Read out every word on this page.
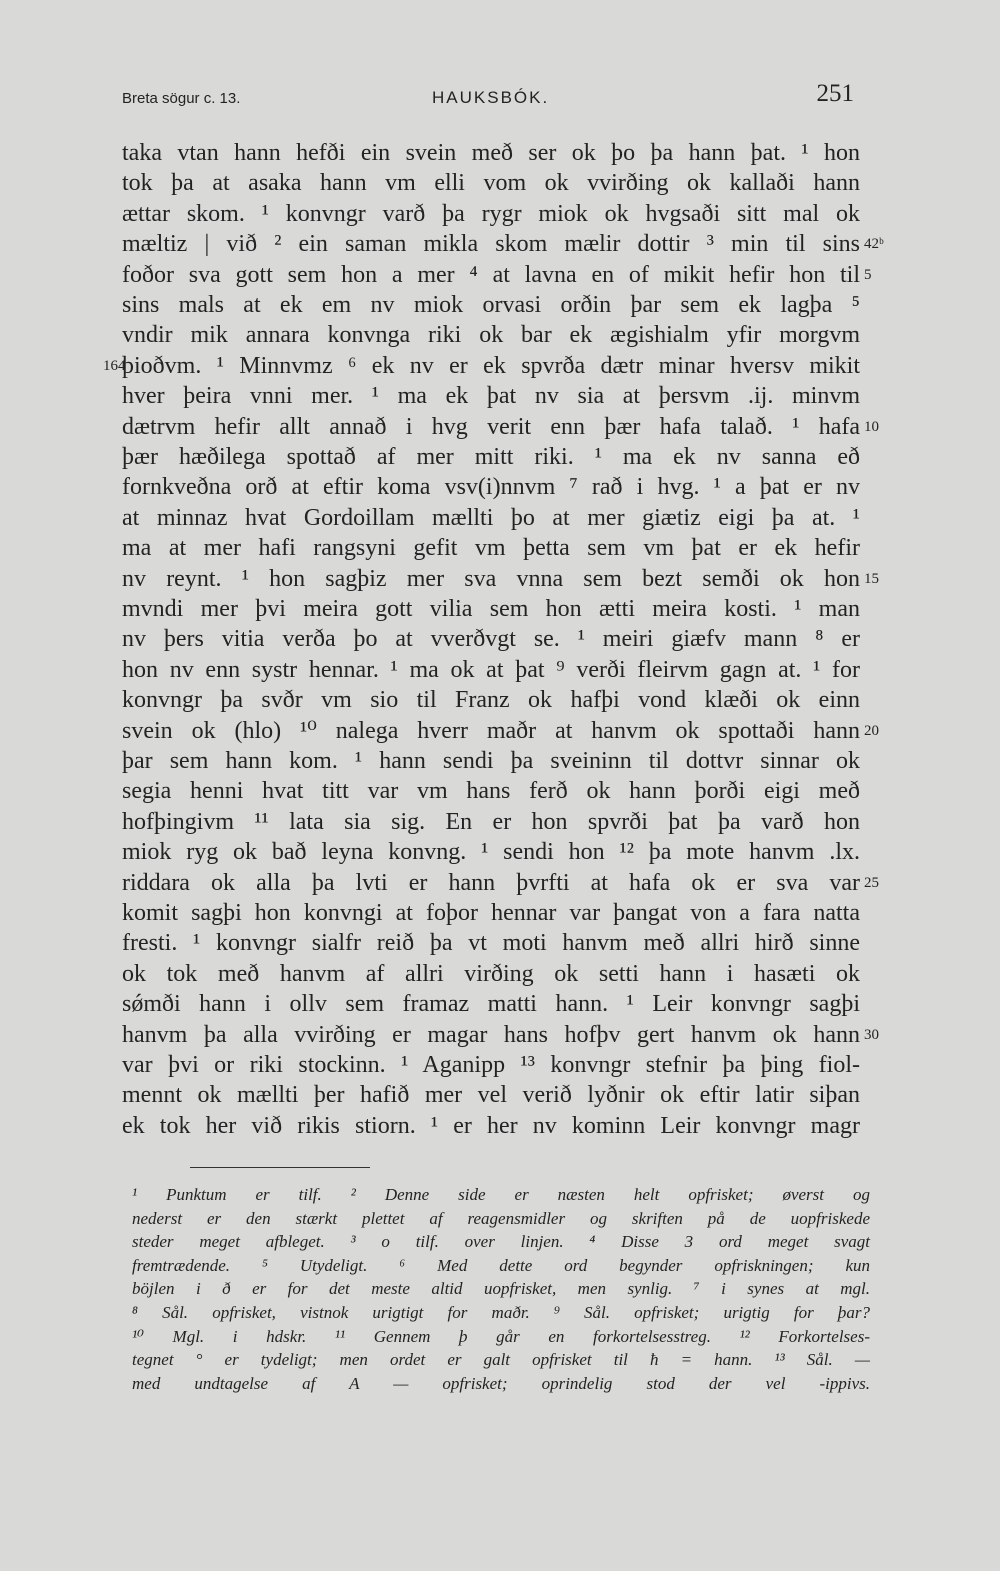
Breta sögur c. 13.	HAUKSBÓK.	251
taka vtan hann hefði ein svein með ser ok þo þa hann þat. ¹ hon
tok þa at asaka hann vm elli vom ok vvirðing ok kallaði hann
ættar skom. ¹ konvngr varð þa rygr miok ok hvgsaði sitt mal ok
mæltiz | við ² ein saman mikla skom mælir dottir ³ min til sins
foðor sva gott sem hon a mer ⁴ at lavna en of mikit hefir hon til
sins mals at ek em nv miok orvasi orðin þar sem ek lagþa ⁵
vndir mik annara konvnga riki ok bar ek ægishialm yfir morgvm
þioðvm. ¹ Minnvmz ⁶ ek nv er ek spvrða dætr minar hversv mikit
hver þeira vnni mer. ¹ ma ek þat nv sia at þersvm .ij. minvm
dætrvm hefir allt annað i hvg verit enn þær hafa talað. ¹ hafa
þær hæðilega spottað af mer mitt riki. ¹ ma ek nv sanna eð
fornkveðna orð at eftir koma vsv(i)nnvm ⁷ rað i hvg. ¹ a þat er nv
at minnaz hvat Gordoillam mællti þo at mer giætiz eigi þa at. ¹
ma at mer hafi rangsyni gefit vm þetta sem vm þat er ek hefir
nv reynt. ¹ hon sagþiz mer sva vnna sem bezt semði ok hon
mvndi mer þvi meira gott vilia sem hon ætti meira kosti. ¹ man
nv þers vitia verða þo at vverðvgt se. ¹ meiri giæfv mann ⁸ er
hon nv enn systr hennar. ¹ ma ok at þat ⁹ verði fleirvm gagn at. ¹ for
konvngr þa svðr vm sio til Franz ok hafþi vond klæði ok einn
svein ok (hlo) ¹⁰ nalega hverr maðr at hanvm ok spottaði hann
þar sem hann kom. ¹ hann sendi þa sveininn til dottvr sinnar ok
segia henni hvat titt var vm hans ferð ok hann þorði eigi með
hofþingivm ¹¹ lata sia sig. En er hon spvrði þat þa varð hon
miok ryg ok bað leyna konvng. ¹ sendi hon ¹² þa mote hanvm .lx.
riddara ok alla þa lvti er hann þvrfti at hafa ok er sva var
komit sagþi hon konvngi at foþor hennar var þangat von a fara natta
fresti. ¹ konvngr sialfr reið þa vt moti hanvm með allri hirð sinne
ok tok með hanvm af allri virðing ok setti hann i hasæti ok
sǿmði hann i ollv sem framaz matti hann. ¹ Leir konvngr sagþi
hanvm þa alla vvirðing er magar hans hofþv gert hanvm ok hann
var þvi or riki stockinn. ¹ Aganipp ¹³ konvngr stefnir þa þing fiol-
mennt ok mællti þer hafið mer vel verið lyðnir ok eftir latir siþan
ek tok her við rikis stiorn. ¹ er her nv kominn Leir konvngr magr
42ᵇ
5
10
15
20
25
30
164
¹ Punktum er tilf. ² Denne side er næsten helt opfrisket; øverst og
nederst er den stærkt plettet af reagensmidler og skriften på de uopfriskede
steder meget afbleget. ³ o tilf. over linjen. ⁴ Disse 3 ord meget svagt
fremtrædende. ⁵ Utydeligt. ⁶ Med dette ord begynder opfriskningen; kun
böjlen i ð er for det meste altid uopfrisket, men synlig. ⁷ i synes at mgl.
⁸ Sål. opfrisket, vistnok urigtigt for maðr. ⁹ Sål. opfrisket; urigtig for þar?
¹⁰ Mgl. i hdskr. ¹¹ Gennem þ går en forkortelsesstreg. ¹² Forkortelses-
tegnet ° er tydeligt; men ordet er galt opfrisket til ħ = hann. ¹³ Sål. —
med undtagelse af A — opfrisket; oprindelig stod der vel -ippivs.
